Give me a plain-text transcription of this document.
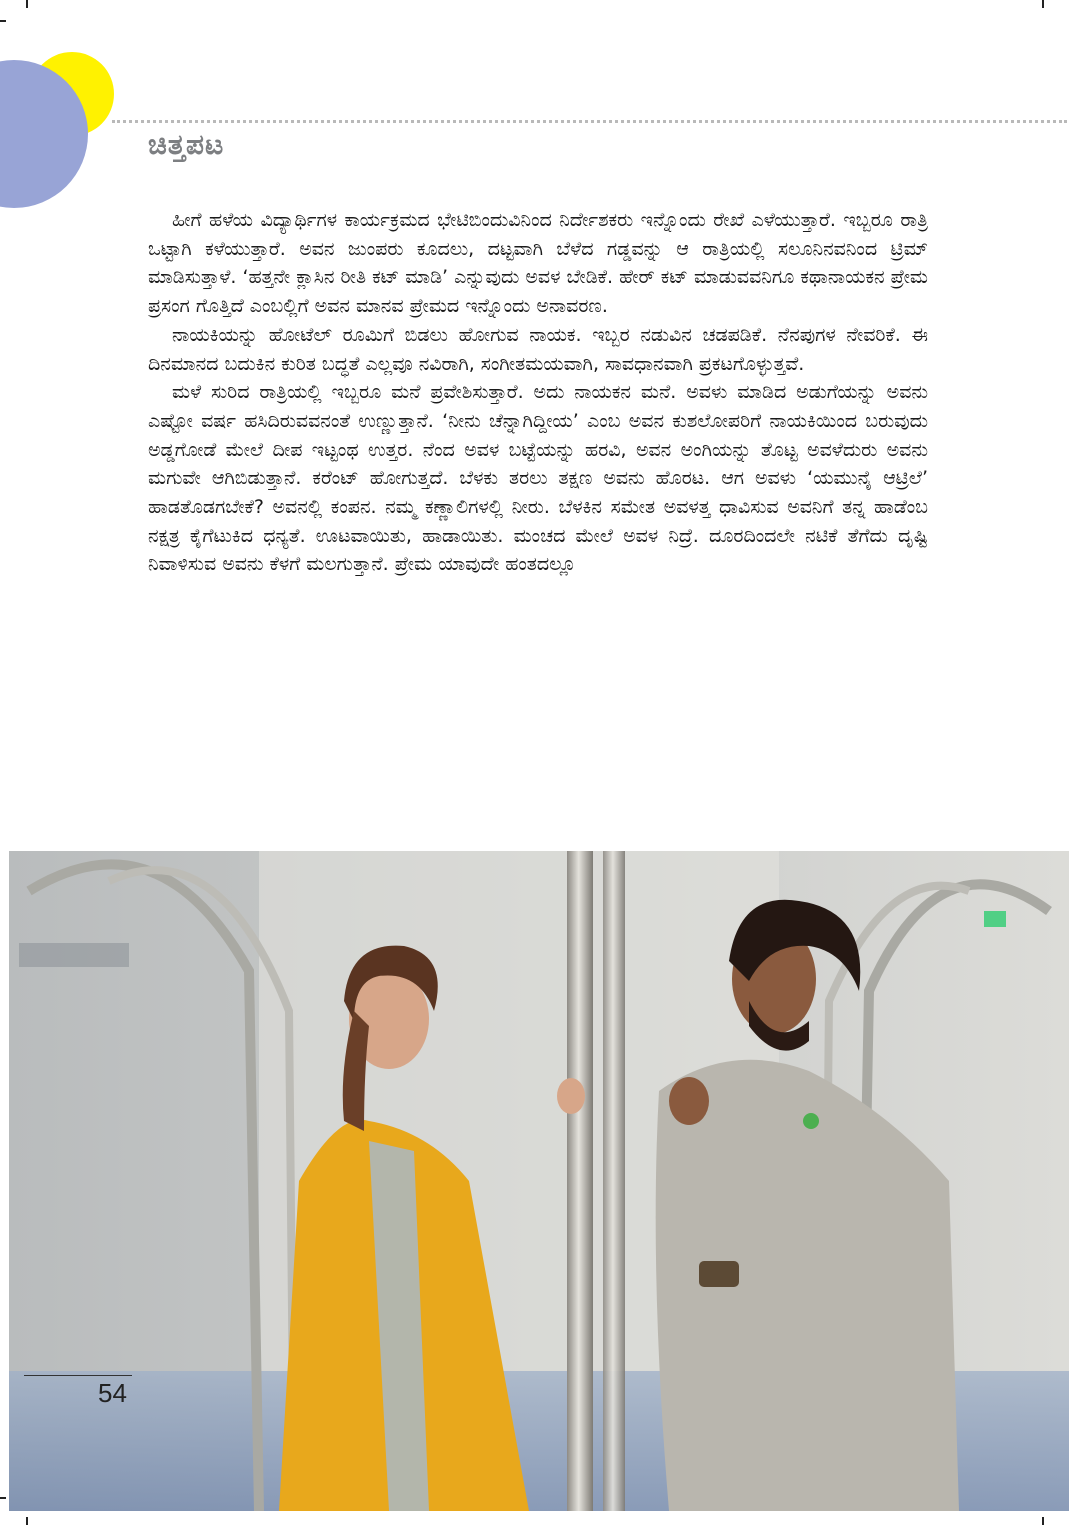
ಚಿತ್ತಪಟ

ಹೀಗೆ ಹಳೆಯ ವಿದ್ಯಾರ್ಥಿಗಳ ಕಾರ್ಯಕ್ರಮದ ಭೇಟಿಬಿಂದುವಿನಿಂದ ನಿರ್ದೇಶಕರು ಇನ್ನೊಂದು ರೇಖೆ ಎಳೆಯುತ್ತಾರೆ. ಇಬ್ಬರೂ ರಾತ್ರಿ ಒಟ್ಟಾಗಿ ಕಳೆಯುತ್ತಾರೆ. ಅವನ ಜುಂಪರು ಕೂದಲು, ದಟ್ಟವಾಗಿ ಬೆಳೆದ ಗಡ್ಡವನ್ನು ಆ ರಾತ್ರಿಯಲ್ಲಿ ಸಲೂನಿನವನಿಂದ ಟ್ರಿಮ್ ಮಾಡಿಸುತ್ತಾಳೆ. ‘ಹತ್ತನೇ ಕ್ಲಾಸಿನ ರೀತಿ ಕಟ್ ಮಾಡಿ’ ಎನ್ನುವುದು ಅವಳ ಬೇಡಿಕೆ. ಹೇರ್ ಕಟ್ ಮಾಡುವವನಿಗೂ ಕಥಾನಾಯಕನ ಪ್ರೇಮ ಪ್ರಸಂಗ ಗೊತ್ತಿದೆ ಎಂಬಲ್ಲಿಗೆ ಅವನ ಮಾನವ ಪ್ರೇಮದ ಇನ್ನೊಂದು ಅನಾವರಣ.

ನಾಯಕಿಯನ್ನು ಹೋಟೆಲ್ ರೂಮಿಗೆ ಬಿಡಲು ಹೋಗುವ ನಾಯಕ. ಇಬ್ಬರ ನಡುವಿನ ಚಡಪಡಿಕೆ. ನೆನಪುಗಳ ನೇವರಿಕೆ. ಈ ದಿನಮಾನದ ಬದುಕಿನ ಕುರಿತ ಬದ್ಧತೆ ಎಲ್ಲವೂ ನವಿರಾಗಿ, ಸಂಗೀತಮಯವಾಗಿ, ಸಾವಧಾನವಾಗಿ ಪ್ರಕಟಗೊಳ್ಳುತ್ತವೆ.

ಮಳೆ ಸುರಿದ ರಾತ್ರಿಯಲ್ಲಿ ಇಬ್ಬರೂ ಮನೆ ಪ್ರವೇಶಿಸುತ್ತಾರೆ. ಅದು ನಾಯಕನ ಮನೆ. ಅವಳು ಮಾಡಿದ ಅಡುಗೆಯನ್ನು ಅವನು ಎಷ್ಟೋ ವರ್ಷ ಹಸಿದಿರುವವನಂತೆ ಉಣ್ಣುತ್ತಾನೆ. ‘ನೀನು ಚೆನ್ನಾಗಿದ್ದೀಯ’ ಎಂಬ ಅವನ ಕುಶಲೋಪರಿಗೆ ನಾಯಕಿಯಿಂದ ಬರುವುದು ಅಡ್ಡಗೋಡೆ ಮೇಲೆ ದೀಪ ಇಟ್ಟಂಥ ಉತ್ತರ. ನೆಂದ ಅವಳ ಬಟ್ಟೆಯನ್ನು ಹರವಿ, ಅವನ ಅಂಗಿಯನ್ನು ತೊಟ್ಟ ಅವಳೆದುರು ಅವನು ಮಗುವೇ ಆಗಿಬಿಡುತ್ತಾನೆ. ಕರೆಂಟ್ ಹೋಗುತ್ತದೆ. ಬೆಳಕು ತರಲು ತಕ್ಷಣ ಅವನು ಹೊರಟ. ಆಗ ಅವಳು ‘ಯಮುನೈ ಆಟ್ರಿಲೆ’ ಹಾಡತೊಡಗಬೇಕೆ? ಅವನಲ್ಲಿ ಕಂಪನ. ನಮ್ಮ ಕಣ್ಣಾಲಿಗಳಲ್ಲಿ ನೀರು. ಬೆಳಕಿನ ಸಮೇತ ಅವಳತ್ತ ಧಾವಿಸುವ ಅವನಿಗೆ ತನ್ನ ಹಾಡೆಂಬ ನಕ್ಷತ್ರ ಕೈಗೆಟುಕಿದ ಧನ್ಯತೆ. ಊಟವಾಯಿತು, ಹಾಡಾಯಿತು. ಮಂಚದ ಮೇಲೆ ಅವಳ ನಿದ್ರೆ. ದೂರದಿಂದಲೇ ನಟಿಕೆ ತೆಗೆದು ದೃಷ್ಟಿ ನಿವಾಳಿಸುವ ಅವನು ಕೆಳಗೆ ಮಲಗುತ್ತಾನೆ. ಪ್ರೇಮ ಯಾವುದೇ ಹಂತದಲ್ಲೂ

54
